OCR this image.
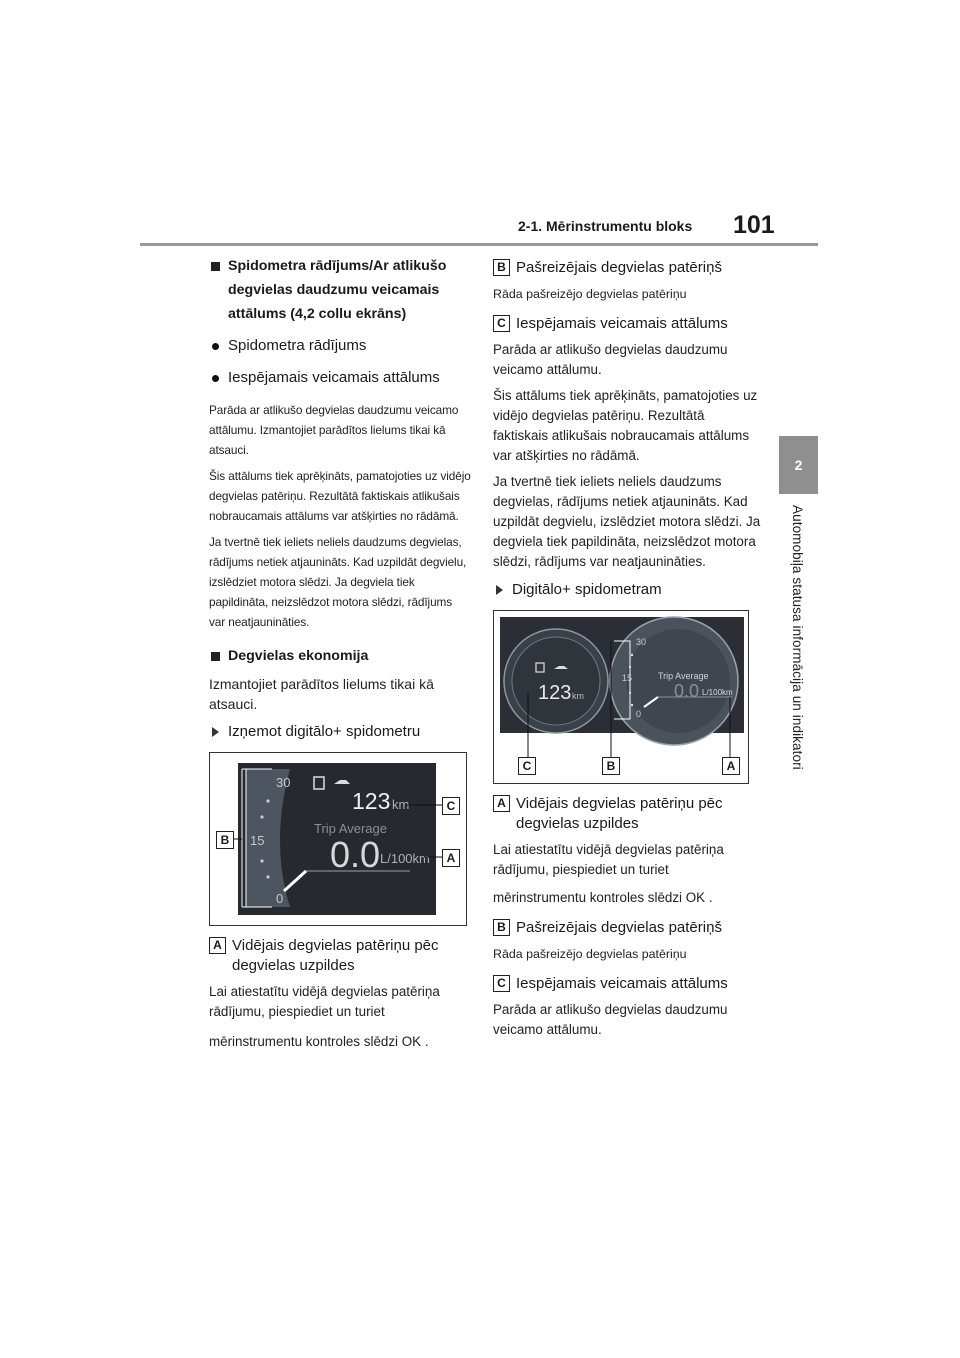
2-1. Mērinstrumentu bloks 101
2
Automobiļa statusa informācija un indikatori
Spidometra rādījums/Ar atlikušo degvielas daudzumu veicamais attālums (4,2 collu ekrāns)
Spidometra rādījums
Iespējamais veicamais attālums

Parāda ar atlikušo degvielas daudzumu veicamo attālumu. Izmantojiet parādītos lielums tikai kā atsauci.

Šis attālums tiek aprēķināts, pamatojoties uz vidējo degvielas patēriņu. Rezultātā faktiskais atlikušais nobraucamais attālums var atšķirties no rādāmā.

Ja tvertnē tiek ieliets neliels daudzums degvielas, rādījums netiek atjaunināts. Kad uzpildāt degvielu, izslēdziet motora slēdzi. Ja degviela tiek papildināta, neizslēdzot motora slēdzi, rādījums var neatjaunināties.

Degvielas ekonomija

Izmantojiet parādītos lielums tikai kā atsauci.

Izņemot digitālo+ spidometru
30
15
0
123 km
Trip Average
0.0 L/100km
C
B
A
A Vidējais degvielas patēriņu pēc degvielas uzpildes

Lai atiestatītu vidējā degvielas patēriņa rādījumu, piespiediet un turiet

mērinstrumentu kontroles slēdzi OK .

B Pašreizējais degvielas patēriņš

Rāda pašreizējo degvielas patēriņu

C Iespējamais veicamais attālums

Parāda ar atlikušo degvielas daudzumu veicamo attālumu.

Šis attālums tiek aprēķināts, pamatojoties uz vidējo degvielas patēriņu. Rezultātā faktiskais atlikušais nobraucamais attālums var atšķirties no rādāmā.

Ja tvertnē tiek ieliets neliels daudzums degvielas, rādījums netiek atjaunināts. Kad uzpildāt degvielu, izslēdziet motora slēdzi. Ja degviela tiek papildināta, neizslēdzot motora slēdzi, rādījums var neatjaunināties.

Digitālo+ spidometram
123 km
30
15
0
Trip Average
0.0 L/100km
C	B	A
A Vidējais degvielas patēriņu pēc degvielas uzpildes

Lai atiestatītu vidējā degvielas patēriņa rādījumu, piespiediet un turiet

mērinstrumentu kontroles slēdzi OK .

B Pašreizējais degvielas patēriņš

Rāda pašreizējo degvielas patēriņu

C Iespējamais veicamais attālums

Parāda ar atlikušo degvielas daudzumu veicamo attālumu.
